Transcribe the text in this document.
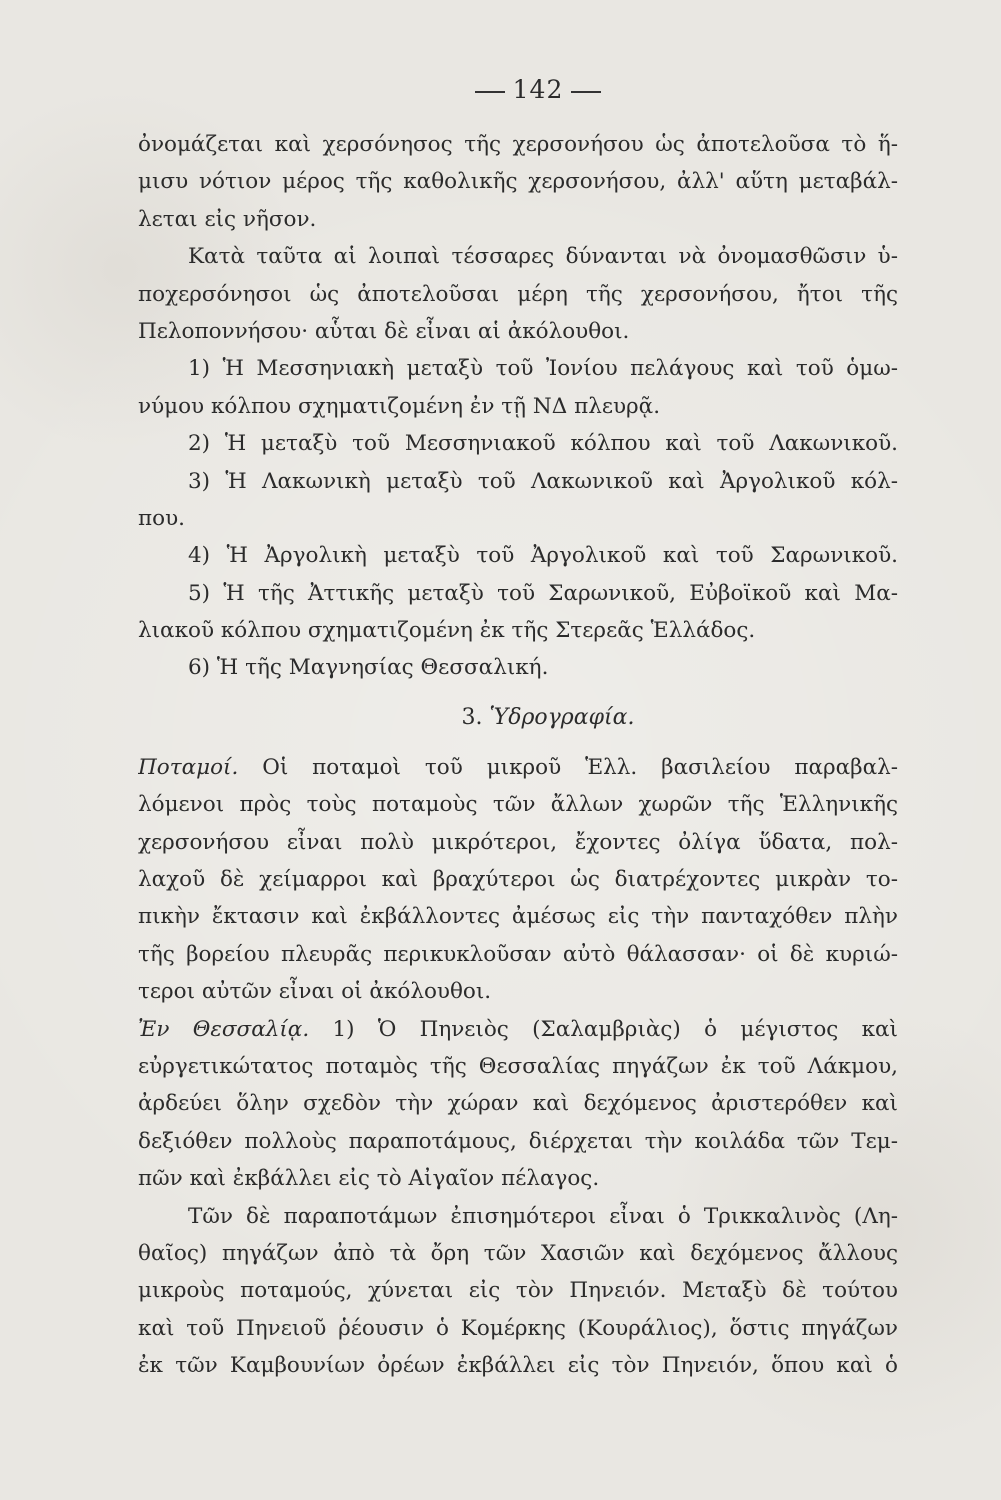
142
ὀνομάζεται καὶ χερσόνησος τῆς χερσονήσου ὡς ἀποτελοῦσα τὸ ἥ-
μισυ νότιον μέρος τῆς καθολικῆς χερσονήσου, ἀλλ' αὕτη μεταβάλ-
λεται εἰς νῆσον.
Κατὰ ταῦτα αἱ λοιπαὶ τέσσαρες δύνανται νὰ ὀνομασθῶσιν ὑ-
ποχερσόνησοι ὡς ἀποτελοῦσαι μέρη τῆς χερσονήσου, ἤτοι τῆς
Πελοποννήσου· αὗται δὲ εἶναι αἱ ἀκόλουθοι.
1) Ἡ Μεσσηνιακὴ μεταξὺ τοῦ Ἰονίου πελάγους καὶ τοῦ ὁμω-
νύμου κόλπου σχηματιζομένη ἐν τῇ ΝΔ πλευρᾷ.
2) Ἡ μεταξὺ τοῦ Μεσσηνιακοῦ κόλπου καὶ τοῦ Λακωνικοῦ.
3) Ἡ Λακωνικὴ μεταξὺ τοῦ Λακωνικοῦ καὶ Ἀργολικοῦ κόλ-
που.
4) Ἡ Ἀργολικὴ μεταξὺ τοῦ Ἀργολικοῦ καὶ τοῦ Σαρωνικοῦ.
5) Ἡ τῆς Ἀττικῆς μεταξὺ τοῦ Σαρωνικοῦ, Εὐβοϊκοῦ καὶ Μα-
λιακοῦ κόλπου σχηματιζομένη ἐκ τῆς Στερεᾶς Ἑλλάδος.
6) Ἡ τῆς Μαγνησίας Θεσσαλική.
3. Ὑδρογραφία.
Ποταμοί. Οἱ ποταμοὶ τοῦ μικροῦ Ἑλλ. βασιλείου παραβαλ-
λόμενοι πρὸς τοὺς ποταμοὺς τῶν ἄλλων χωρῶν τῆς Ἑλληνικῆς
χερσονήσου εἶναι πολὺ μικρότεροι, ἔχοντες ὀλίγα ὕδατα, πολ-
λαχοῦ δὲ χείμαρροι καὶ βραχύτεροι ὡς διατρέχοντες μικρὰν το-
πικὴν ἔκτασιν καὶ ἐκβάλλοντες ἀμέσως εἰς τὴν πανταχόθεν πλὴν
τῆς βορείου πλευρᾶς περικυκλοῦσαν αὐτὸ θάλασσαν· οἱ δὲ κυριώ-
τεροι αὐτῶν εἶναι οἱ ἀκόλουθοι.
Ἐν Θεσσαλίᾳ. 1) Ὁ Πηνειὸς (Σαλαμβριὰς) ὁ μέγιστος καὶ
εὐργετικώτατος ποταμὸς τῆς Θεσσαλίας πηγάζων ἐκ τοῦ Λάκμου,
ἀρδεύει ὅλην σχεδὸν τὴν χώραν καὶ δεχόμενος ἀριστερόθεν καὶ
δεξιόθεν πολλοὺς παραποτάμους, διέρχεται τὴν κοιλάδα τῶν Τεμ-
πῶν καὶ ἐκβάλλει εἰς τὸ Αἰγαῖον πέλαγος.
Τῶν δὲ παραποτάμων ἐπισημότεροι εἶναι ὁ Τρικκαλινὸς (Λη-
θαῖος) πηγάζων ἀπὸ τὰ ὄρη τῶν Χασιῶν καὶ δεχόμενος ἄλλους
μικροὺς ποταμούς, χύνεται εἰς τὸν Πηνειόν. Μεταξὺ δὲ τούτου
καὶ τοῦ Πηνειοῦ ῥέουσιν ὁ Κομέρκης (Κουράλιος), ὅστις πηγάζων
ἐκ τῶν Καμβουνίων ὀρέων ἐκβάλλει εἰς τὸν Πηνειόν, ὅπου καὶ ὁ
